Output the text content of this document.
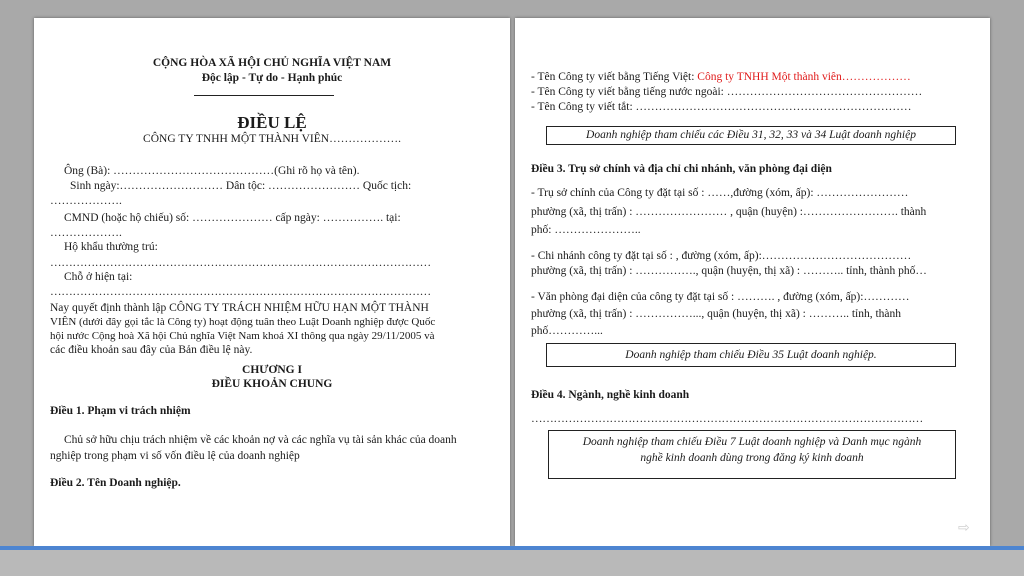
CỘNG HÒA XÃ HỘI CHỦ NGHĨA VIỆT NAM
Độc lập - Tự do - Hạnh phúc
ĐIỀU LỆ
CÔNG TY TNHH MỘT THÀNH VIÊN……………….
Ông (Bà): ……………………………………(Ghi rõ họ và tên).
Sinh ngày:……………………… Dân tộc: …………………… Quốc tịch:
……………….
CMND (hoặc hộ chiếu) số: ………………… cấp ngày: ……………. tại:
……………….
Hộ khẩu thường trú:
…………………………………………………………………………………………
Chỗ ở hiện tại:
…………………………………………………………………………………………
Nay quyết định thành lập CÔNG TY TRÁCH NHIỆM HỮU HẠN MỘT THÀNH
VIÊN (dưới đây gọi tắc là Công ty) hoạt động tuân theo Luật Doanh nghiệp được Quốc
hội nước Cộng hoà Xã hội Chủ nghĩa Việt Nam khoá XI thông qua ngày 29/11/2005 và
các điều khoản sau đây của Bản điều lệ này.
CHƯƠNG I
ĐIỀU KHOẢN CHUNG
Điều 1. Phạm vi trách nhiệm
Chủ sở hữu chịu trách nhiệm về các khoản nợ và các nghĩa vụ tài sản khác của doanh
nghiệp trong phạm vi số vốn điều lệ của doanh nghiệp
Điều 2. Tên Doanh nghiệp.
- Tên Công ty viết bằng Tiếng Việt: Công ty TNHH Một thành viên………………
- Tên Công ty viết bằng tiếng nước ngoài: ……………………………………………
- Tên Công ty viết tắt: ………………………………………………………………
Doanh nghiệp tham chiếu các Điều 31, 32, 33 và 34 Luật doanh nghiệp
Điều 3. Trụ sở chính và địa chỉ chi nhánh, văn phòng đại diện
- Trụ sở chính của Công ty đặt tại số : ……,đường (xóm, ấp): ……………………
phường (xã, thị trấn) : …………………… , quận (huyện) :……………………. thành
phố: …………………..
- Chi nhánh công ty đặt tại số : , đường (xóm, ấp):…………………………………
phường (xã, thị trấn) : ……………., quận (huyện, thị xã) : ……….. tỉnh, thành phố…
- Văn phòng đại diện của công ty đặt tại số : ………. , đường (xóm, ấp):…………
phường (xã, thị trấn) : ……………..., quận (huyện, thị xã) : ……….. tỉnh, thành
phố…………...
Doanh nghiệp tham chiếu Điều 35 Luật doanh nghiệp.
Điều 4. Ngành, nghề kinh doanh
……………………………………………………………………………………………
Doanh nghiệp tham chiếu Điều 7 Luật doanh nghiệp và Danh mục ngành
nghề kinh doanh dùng trong đăng ký kinh doanh
⇨
